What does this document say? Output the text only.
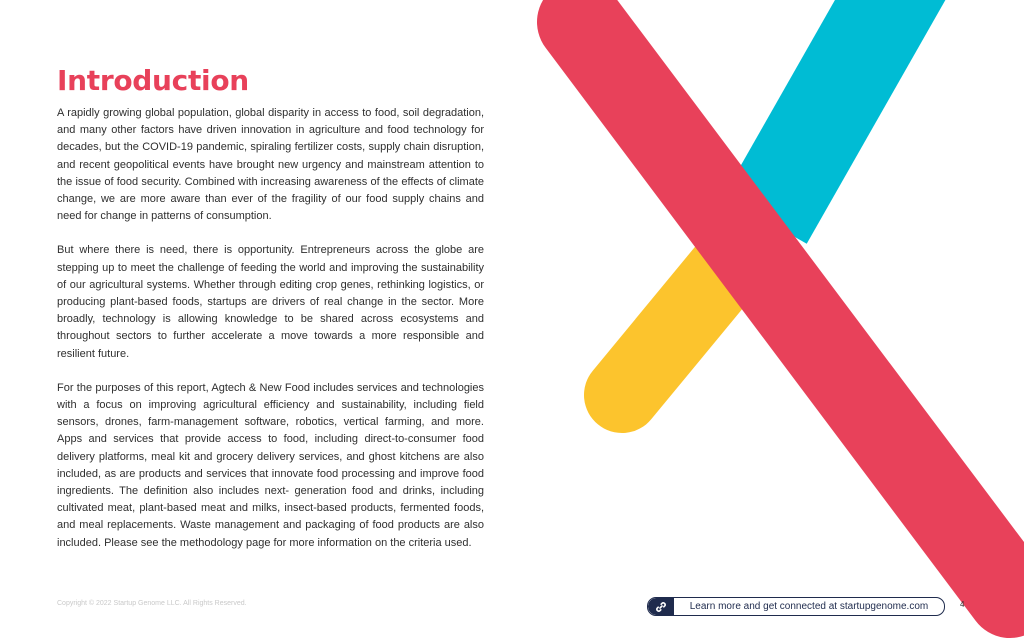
Introduction

A rapidly growing global population, global disparity in access to food, soil degradation, and many other factors have driven innovation in agriculture and food technology for decades, but the COVID-19 pandemic, spiraling fertilizer costs, supply chain disruption, and recent geopolitical events have brought new urgency and mainstream attention to the issue of food security. Combined with increasing awareness of the effects of climate change, we are more aware than ever of the fragility of our food supply chains and need for change in patterns of consumption.

But where there is need, there is opportunity. Entrepreneurs across the globe are stepping up to meet the challenge of feeding the world and improving the sustainability of our agricultural systems. Whether through editing crop genes, rethinking logistics, or producing plant-based foods, startups are drivers of real change in the sector. More broadly, technology is allowing knowledge to be shared across ecosystems and throughout sectors to further accelerate a move towards a more responsible and resilient future.

For the purposes of this report, Agtech & New Food includes services and technologies with a focus on improving agricultural efficiency and sustainability, including field sensors, drones, farm-management software, robotics, vertical farming, and more. Apps and services that provide access to food, including direct-to-consumer food delivery platforms, meal kit and grocery delivery services, and ghost kitchens are also included, as are products and services that innovate food processing and improve food ingredients. The definition also includes next- generation food and drinks, including cultivated meat, plant-based meat and milks, insect-based products, fermented foods, and meal replacements. Waste management and packaging of food products are also included. Please see the methodology page for more information on the criteria used.

Copyright © 2022 Startup Genome LLC. All Rights Reserved.	Learn more and get connected at startupgenome.com	4
